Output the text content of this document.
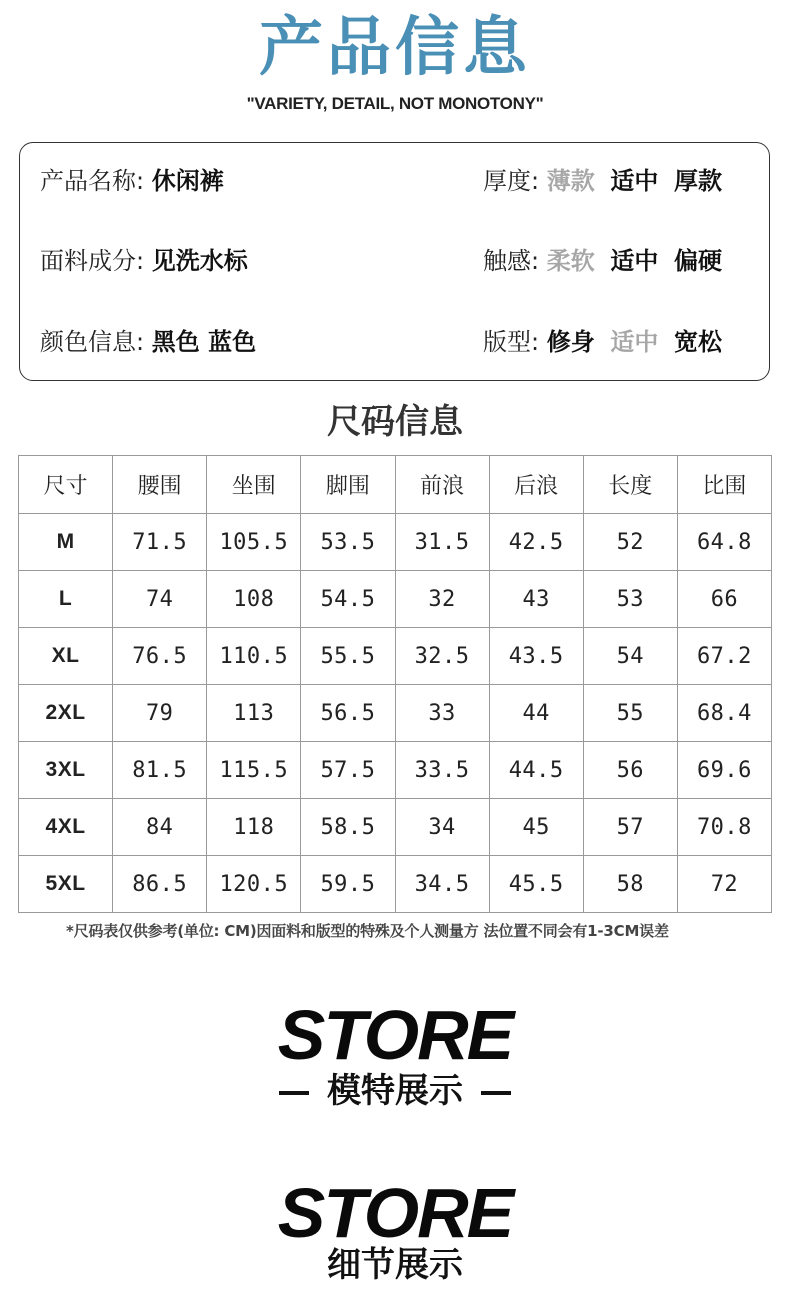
产品信息
"VARIETY, DETAIL, NOT MONOTONY"
产品名称: 休闲裤
面料成分: 见洗水标
颜色信息: 黑色 蓝色
厚度: 薄款 适中 厚款
触感: 柔软 适中 偏硬
版型: 修身 适中 宽松
尺码信息
尺寸	腰围	坐围	脚围	前浪	后浪	长度	比围
M	71.5	105.5	53.5	31.5	42.5	52	64.8
L	74	108	54.5	32	43	53	66
XL	76.5	110.5	55.5	32.5	43.5	54	67.2
2XL	79	113	56.5	33	44	55	68.4
3XL	81.5	115.5	57.5	33.5	44.5	56	69.6
4XL	84	118	58.5	34	45	57	70.8
5XL	86.5	120.5	59.5	34.5	45.5	58	72
*尺码表仅供参考(单位: CM)因面料和版型的特殊及个人测量方 法位置不同会有1-3CM误差
STORE
模特展示
STORE
细节展示
